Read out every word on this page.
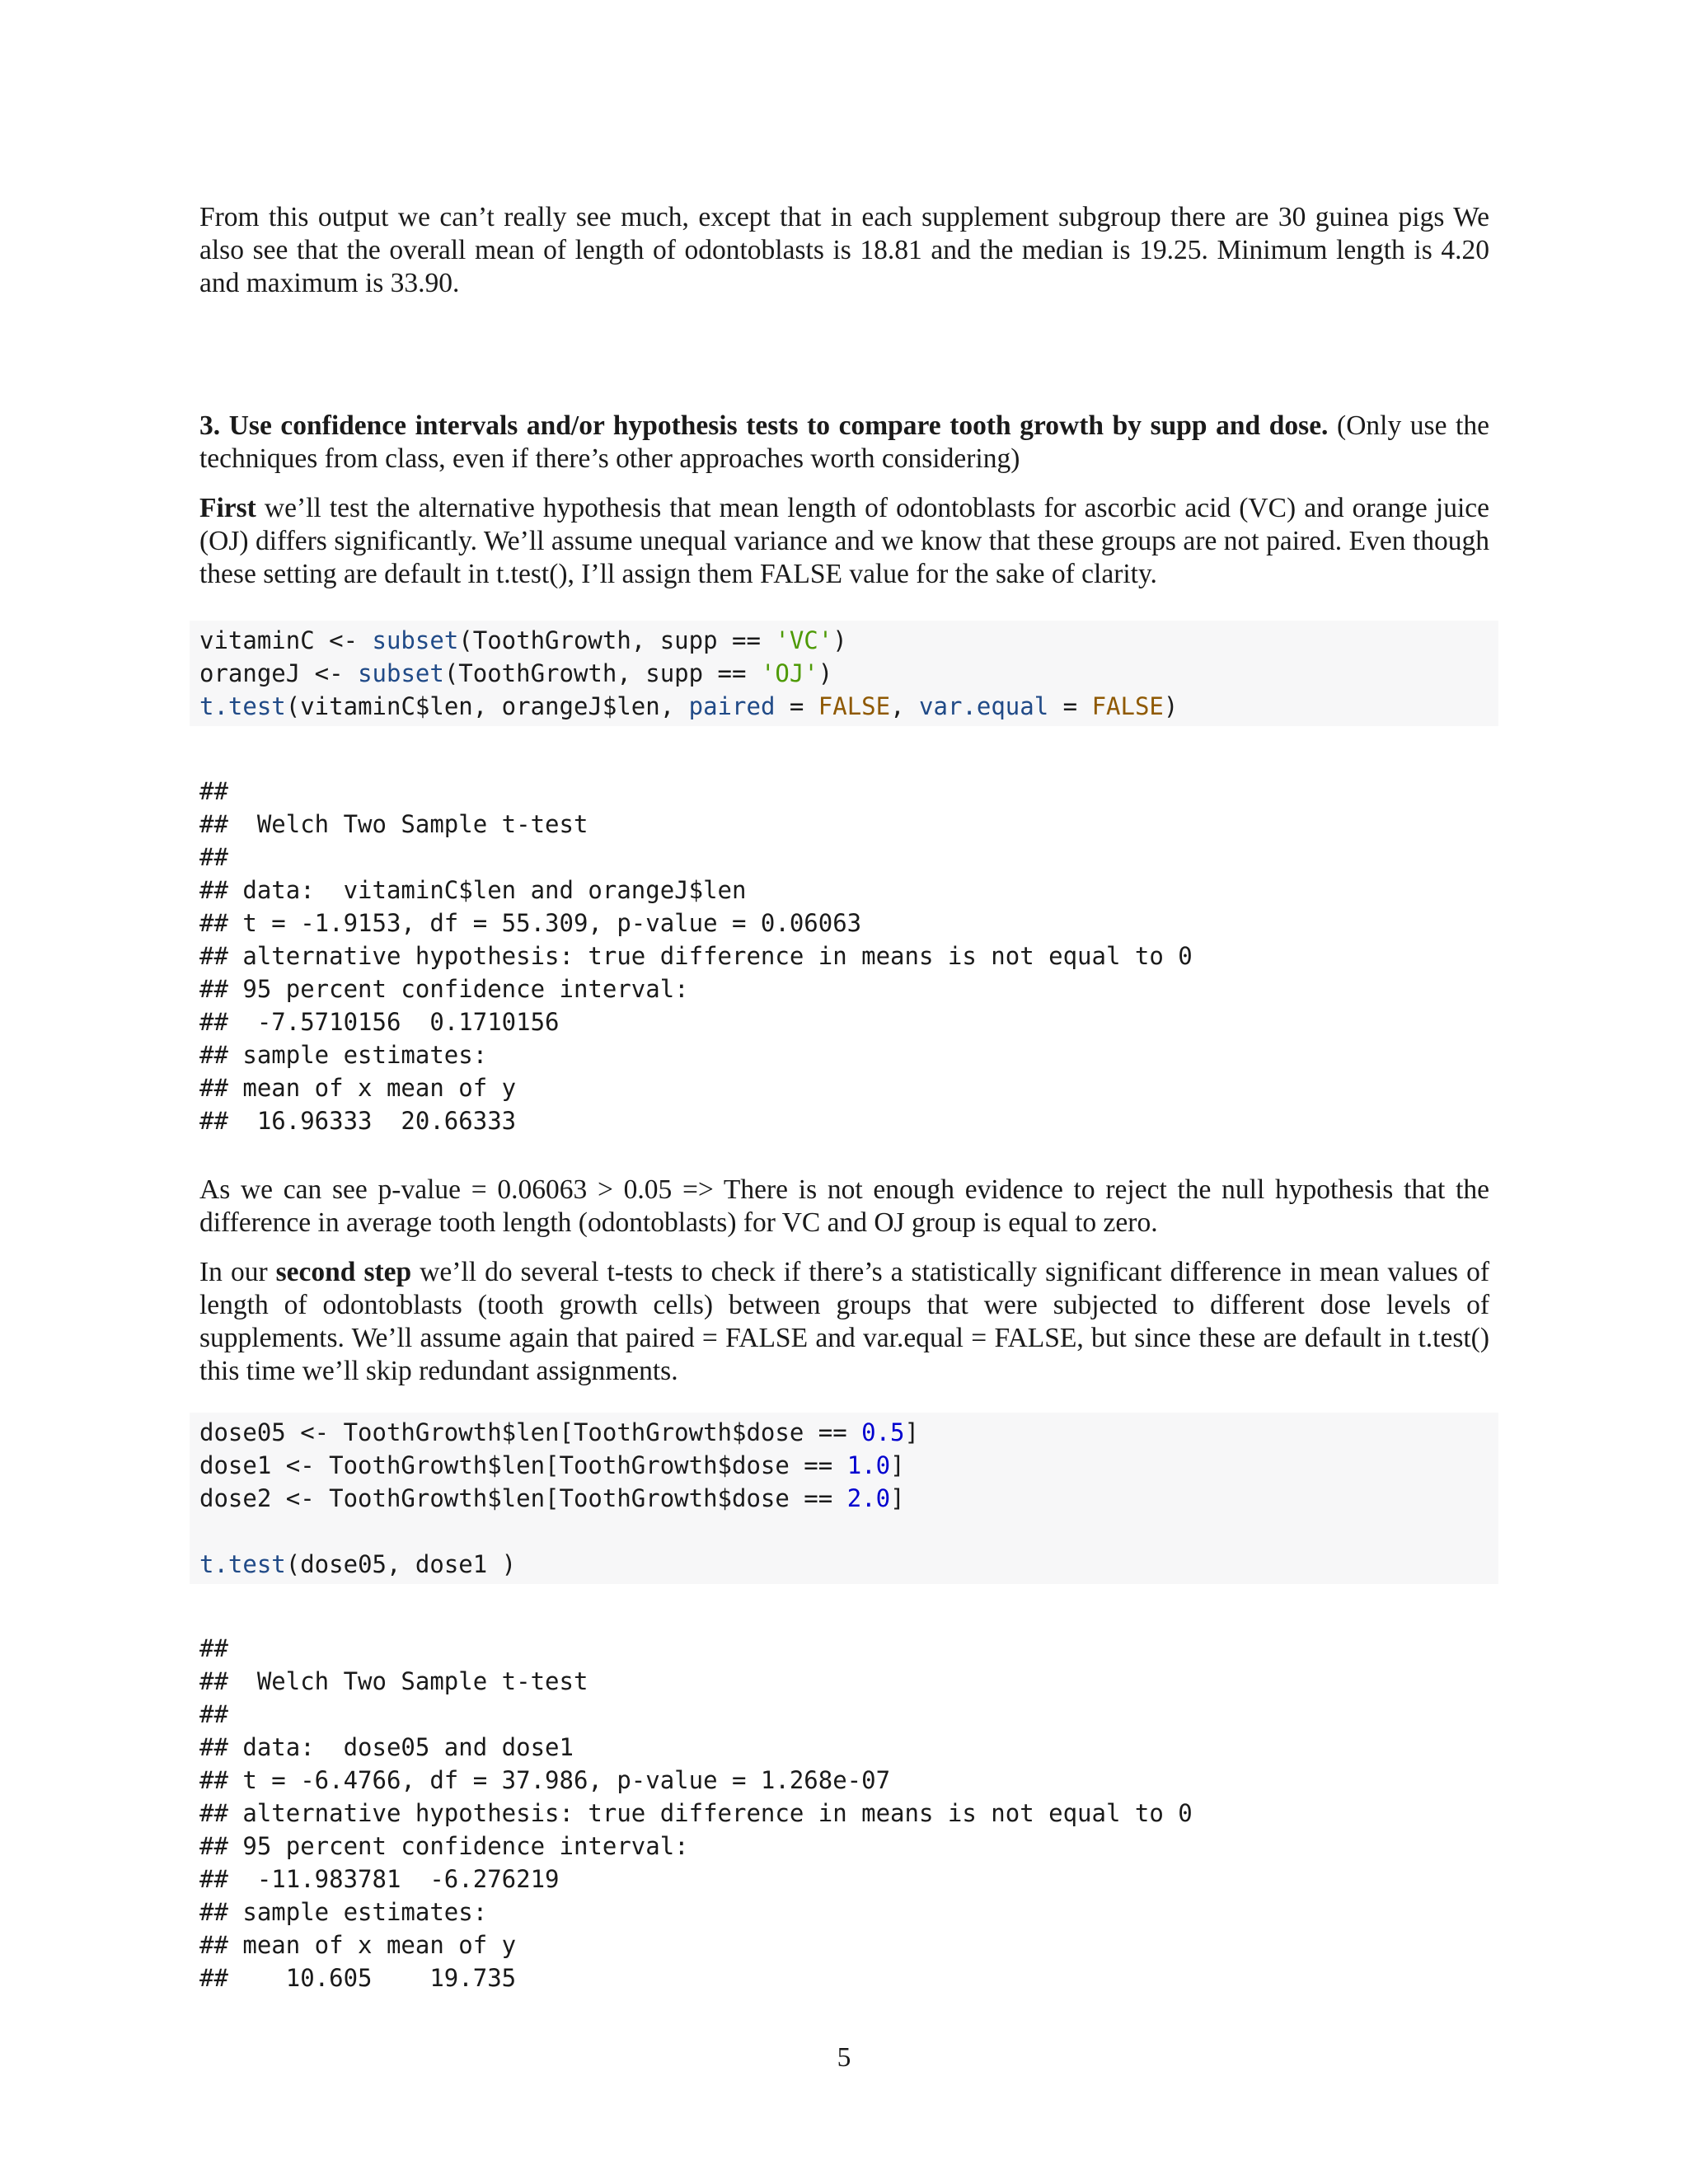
From this output we can’t really see much, except that in each supplement subgroup there are 30 guinea pigs We also see that the overall mean of length of odontoblasts is 18.81 and the median is 19.25. Minimum length is 4.20 and maximum is 33.90.

3. Use confidence intervals and/or hypothesis tests to compare tooth growth by supp and dose. (Only use the techniques from class, even if there’s other approaches worth considering)

First we’ll test the alternative hypothesis that mean length of odontoblasts for ascorbic acid (VC) and orange juice (OJ) differs significantly. We’ll assume unequal variance and we know that these groups are not paired. Even though these setting are default in t.test(), I’ll assign them FALSE value for the sake of clarity.

vitaminC <- subset(ToothGrowth, supp == 'VC')
orangeJ <- subset(ToothGrowth, supp == 'OJ')
t.test(vitaminC$len, orangeJ$len, paired = FALSE, var.equal = FALSE)
##
##  Welch Two Sample t-test
##
## data:  vitaminC$len and orangeJ$len
## t = -1.9153, df = 55.309, p-value = 0.06063
## alternative hypothesis: true difference in means is not equal to 0
## 95 percent confidence interval:
##  -7.5710156  0.1710156
## sample estimates:
## mean of x mean of y
##  16.96333  20.66333

As we can see p-value = 0.06063 > 0.05 => There is not enough evidence to reject the null hypothesis that the difference in average tooth length (odontoblasts) for VC and OJ group is equal to zero.

In our second step we’ll do several t-tests to check if there’s a statistically significant difference in mean values of length of odontoblasts (tooth growth cells) between groups that were subjected to different dose levels of supplements. We’ll assume again that paired = FALSE and var.equal = FALSE, but since these are default in t.test() this time we’ll skip redundant assignments.

dose05 <- ToothGrowth$len[ToothGrowth$dose == 0.5]
dose1 <- ToothGrowth$len[ToothGrowth$dose == 1.0]
dose2 <- ToothGrowth$len[ToothGrowth$dose == 2.0]
t.test(dose05, dose1 )
##
##  Welch Two Sample t-test
##
## data:  dose05 and dose1
## t = -6.4766, df = 37.986, p-value = 1.268e-07
## alternative hypothesis: true difference in means is not equal to 0
## 95 percent confidence interval:
##  -11.983781  -6.276219
## sample estimates:
## mean of x mean of y
##    10.605    19.735
5
